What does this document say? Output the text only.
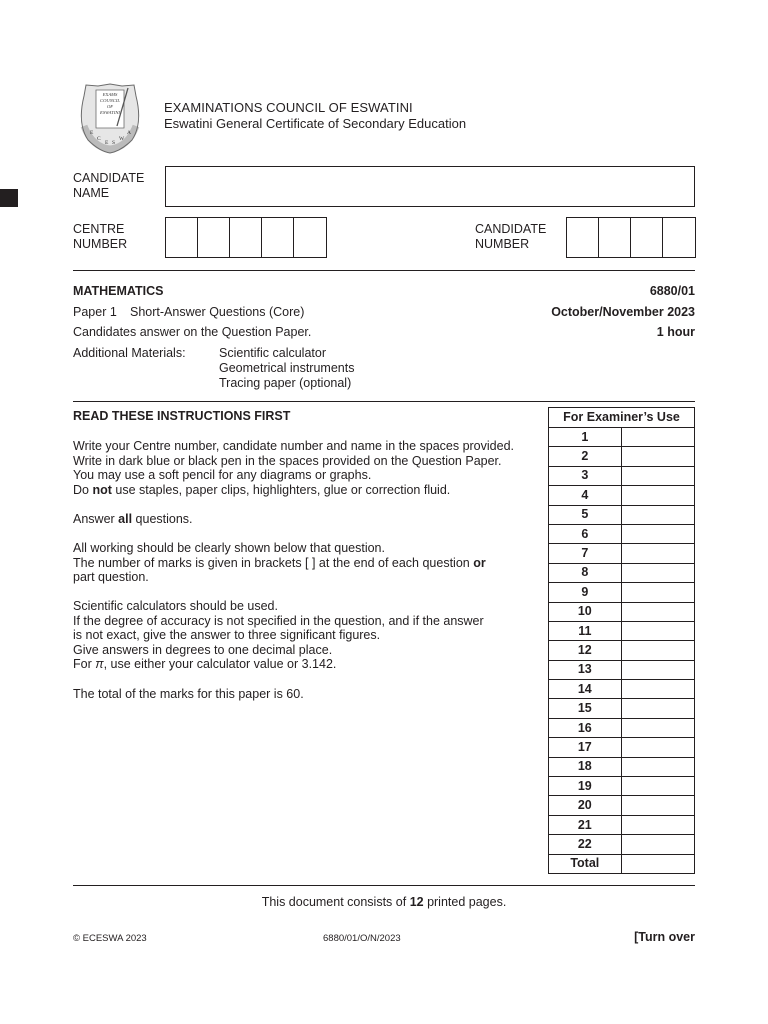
EXAMS
COUNCIL
OF
ESWATINI
E
C
E S
W
A
EXAMINATIONS COUNCIL OF ESWATINI
Eswatini General Certificate of Secondary Education
CANDIDATE
NAME
CENTRE
NUMBER
CANDIDATE
NUMBER
MATHEMATICS	6880/01
Paper 1 Short-Answer Questions (Core)	October/November 2023
Candidates answer on the Question Paper.	1 hour
Additional Materials:	Scientific calculator
Geometrical instruments
Tracing paper (optional)
READ THESE INSTRUCTIONS FIRST
Write your Centre number, candidate number and name in the spaces provided.
Write in dark blue or black pen in the spaces provided on the Question Paper.
You may use a soft pencil for any diagrams or graphs.
Do not use staples, paper clips, highlighters, glue or correction fluid.
Answer all questions.
All working should be clearly shown below that question.
The number of marks is given in brackets [ ] at the end of each question or
part question.
Scientific calculators should be used.
If the degree of accuracy is not specified in the question, and if the answer
is not exact, give the answer to three significant figures.
Give answers in degrees to one decimal place.
For π, use either your calculator value or 3.142.
The total of the marks for this paper is 60.
For Examiner’s Use	
1	
2	
3	
4	
5	
6	
7	
8	
9	
10	
11	
12	
13	
14	
15	
16	
17	
18	
19	
20	
21	
22	
Total	
This document consists of 12 printed pages.
© ECESWA 2023	6880/01/O/N/2023	[Turn over
